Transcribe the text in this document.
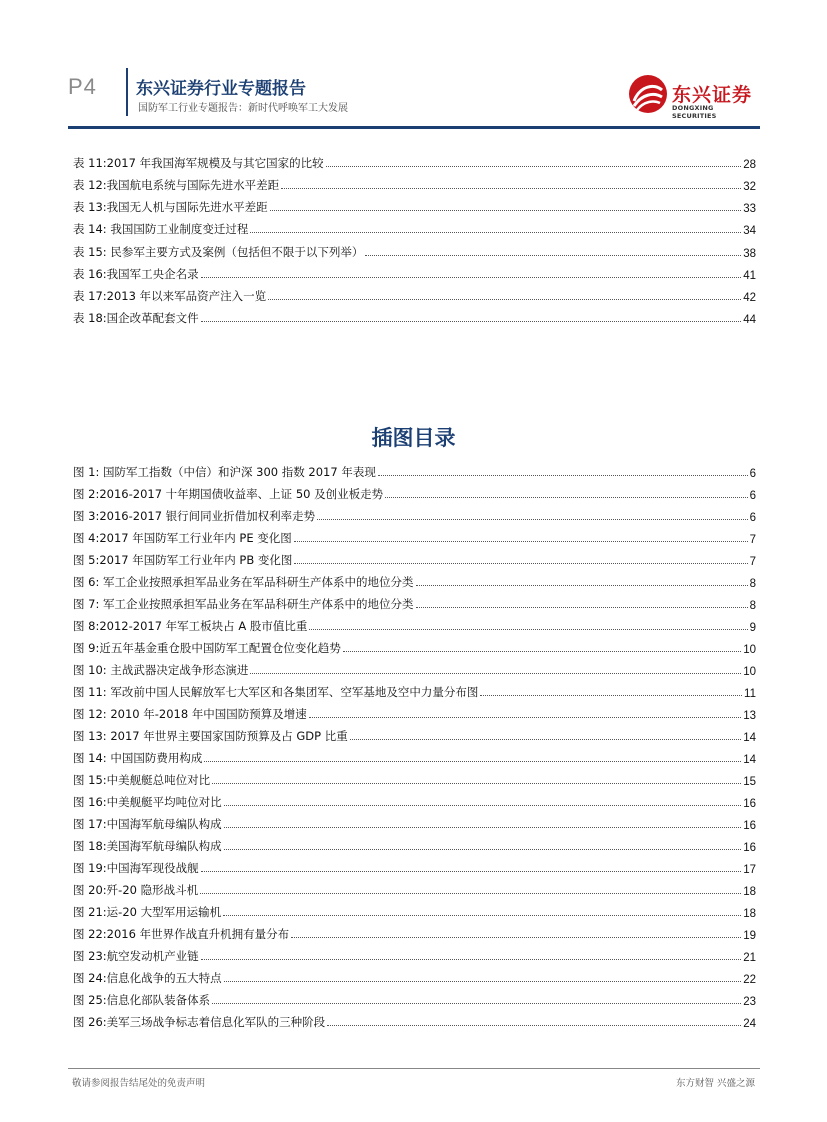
P4 东兴证券行业专题报告
国防军工行业专题报告：新时代呼唤军工大发展
东兴证券
DONGXING SECURITIES
表 11:2017 年我国海军规模及与其它国家的比较	28
表 12:我国航电系统与国际先进水平差距	32
表 13:我国无人机与国际先进水平差距	33
表 14: 我国国防工业制度变迁过程	34
表 15: 民参军主要方式及案例（包括但不限于以下列举）	38
表 16:我国军工央企名录	41
表 17:2013 年以来军品资产注入一览	42
表 18:国企改革配套文件	44
插图目录
图 1: 国防军工指数（中信）和沪深 300 指数 2017 年表现	6
图 2:2016-2017 十年期国债收益率、上证 50 及创业板走势	6
图 3:2016-2017 银行间同业折借加权利率走势	6
图 4:2017 年国防军工行业年内 PE 变化图	7
图 5:2017 年国防军工行业年内 PB 变化图	7
图 6: 军工企业按照承担军品业务在军品科研生产体系中的地位分类	8
图 7: 军工企业按照承担军品业务在军品科研生产体系中的地位分类	8
图 8:2012-2017 年军工板块占 A 股市值比重	9
图 9:近五年基金重仓股中国防军工配置仓位变化趋势	10
图 10: 主战武器决定战争形态演进	10
图 11: 军改前中国人民解放军七大军区和各集团军、空军基地及空中力量分布图	11
图 12: 2010 年-2018 年中国国防预算及增速	13
图 13: 2017 年世界主要国家国防预算及占 GDP 比重	14
图 14: 中国国防费用构成	14
图 15:中美舰艇总吨位对比	15
图 16:中美舰艇平均吨位对比	16
图 17:中国海军航母编队构成	16
图 18:美国海军航母编队构成	16
图 19:中国海军现役战舰	17
图 20:歼-20 隐形战斗机	18
图 21:运-20 大型军用运输机	18
图 22:2016 年世界作战直升机拥有量分布	19
图 23:航空发动机产业链	21
图 24:信息化战争的五大特点	22
图 25:信息化部队装备体系	23
图 26:美军三场战争标志着信息化军队的三种阶段	24
敬请参阅报告结尾处的免责声明	东方财智 兴盛之源
